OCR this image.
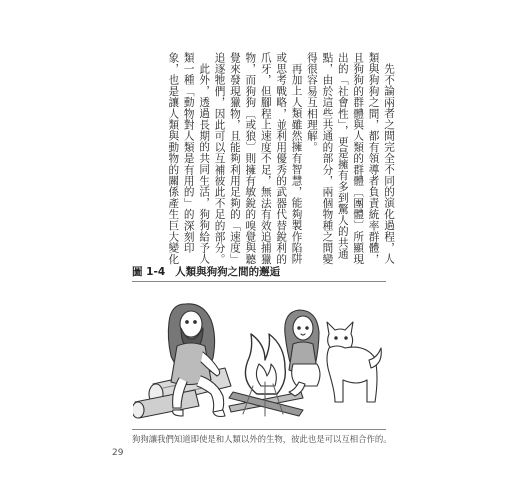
先不論兩者之間完全不同的演化過程，人類與狗狗之間，都有領導者負責統率群體，且狗狗的群體與人類的群體〔團體〕所顯現出的「社會性」，更是擁有多到驚人的共通點，由於這些共通的部分，兩個物種之間變得很容易互相理解。

再加上人類雖然擁有智慧，能夠製作陷阱或思考戰略，並利用優秀的武器代替銳利的爪牙，但腳程上速度不足，無法有效追捕獵物，而狗狗〔或狼〕則擁有敏銳的嗅覺與聽覺來發現獵物，且能夠利用足夠的「速度」追逐牠們，因此可以互補彼此不足的部分。

此外，透過長期的共同生活，狗狗給予人類一種「動物對人類是有用的」的深刻印象，也是讓人類與動物的關係產生巨大變化

圖 1-4 人類與狗狗之間的邂逅
狗狗讓我們知道即使是和人類以外的生物，彼此也是可以互相合作的。
29
